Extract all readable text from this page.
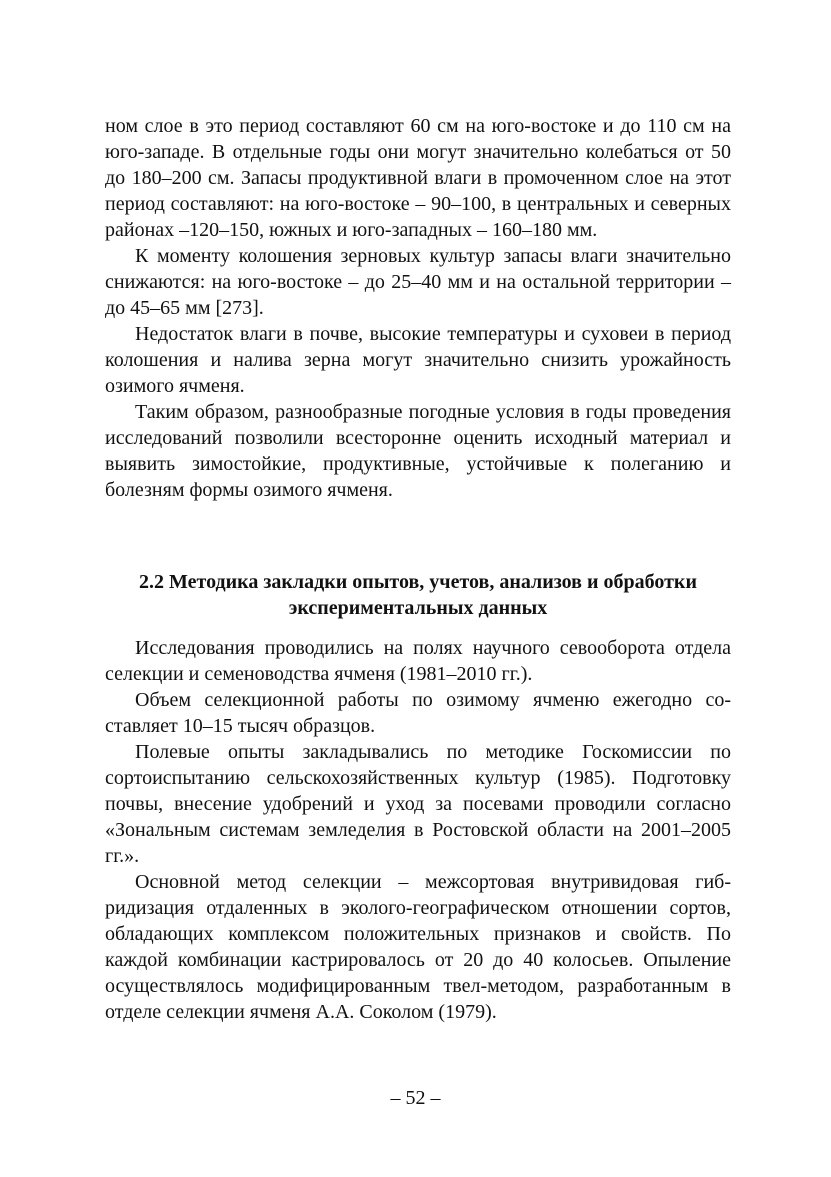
ном слое в это период составляют 60 см на юго-востоке и до 110 см на юго-западе. В отдельные годы они могут значительно колебаться от 50 до 180–200 см. Запасы продуктивной влаги в промоченном слое на этот период составляют: на юго-востоке – 90–100, в центральных и северных районах –120–150, южных и юго-западных – 160–180 мм.

К моменту колошения зерновых культур запасы влаги значительно снижаются: на юго-востоке – до 25–40 мм и на остальной территории – до 45–65 мм [273].

Недостаток влаги в почве, высокие температуры и суховеи в период колошения и налива зерна могут значительно снизить урожайность озимого ячменя.

Таким образом, разнообразные погодные условия в годы проведения исследований позволили всесторонне оценить исходный материал и выявить зимостойкие, продуктивные, устойчивые к полеганию и болезням формы озимого ячменя.

2.2 Методика закладки опытов, учетов, анализов и обработки
экспериментальных данных

Исследования проводились на полях научного севооборота отдела селекции и семеноводства ячменя (1981–2010 гг.).

Объем селекционной работы по озимому ячменю ежегодно составляет 10–15 тысяч образцов.

Полевые опыты закладывались по методике Госкомиссии по сортоиспытанию сельскохозяйственных культур (1985). Подготовку почвы, внесение удобрений и уход за посевами проводили согласно «Зональным системам земледелия в Ростовской области на 2001–2005 гг.».

Основной метод селекции – межсортовая внутривидовая гибридизация отдаленных в эколого-географическом отношении сортов, обладающих комплексом положительных признаков и свойств. По каждой комбинации кастрировалось от 20 до 40 колосьев. Опыление осуществлялось модифицированным твел-методом, разработанным в отделе селекции ячменя А.А. Соколом (1979).

– 52 –
